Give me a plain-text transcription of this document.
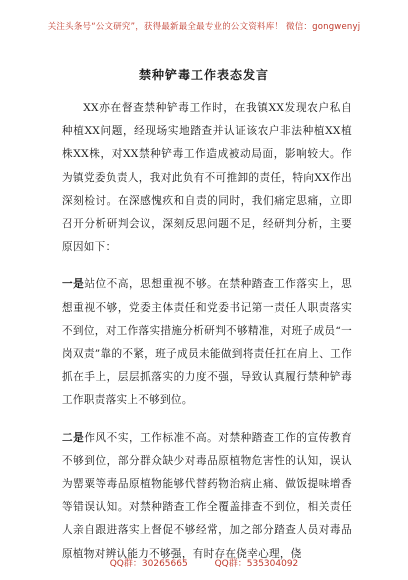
关注头条号“公文研究”，获得最新最全最专业的公文资料库！ 微信：gongwenyj
禁种铲毒工作表态发言

XX亦在督查禁种铲毒工作时，在我镇XX发现农户私自种植XX问题，经现场实地踏查并认证该农户非法种植XX植株XX株，对XX禁种铲毒工作造成被动局面，影响较大。作为镇党委负责人，我对此负有不可推卸的责任，特向XX作出深刻检讨。在深感愧疚和自责的同时，我们痛定思痛，立即召开分析研判会议，深刻反思问题不足，经研判分析，主要原因如下：

一是站位不高，思想重视不够。在禁种踏查工作落实上，思想重视不够，党委主体责任和党委书记第一责任人职责落实不到位，对工作落实措施分析研判不够精准，对班子成员“一岗双责”靠的不紧，班子成员未能做到将责任扛在肩上、工作抓在手上，层层抓落实的力度不强，导致认真履行禁种铲毒工作职责落实上不够到位。

二是作风不实，工作标准不高。对禁种踏查工作的宣传教育不够到位，部分群众缺少对毒品原植物危害性的认知，误认为罂粟等毒品原植物能够代替药物治病止痛、做饭提味增香等错误认知。对禁种踏查工作全覆盖排查不到位，相关责任人亲自跟进落实上督促不够经常，加之部分踏查人员对毒品原植物对辨认能力不够强，有时存在侥幸心理，侥

QQ群：30265665	QQ群：535304092
